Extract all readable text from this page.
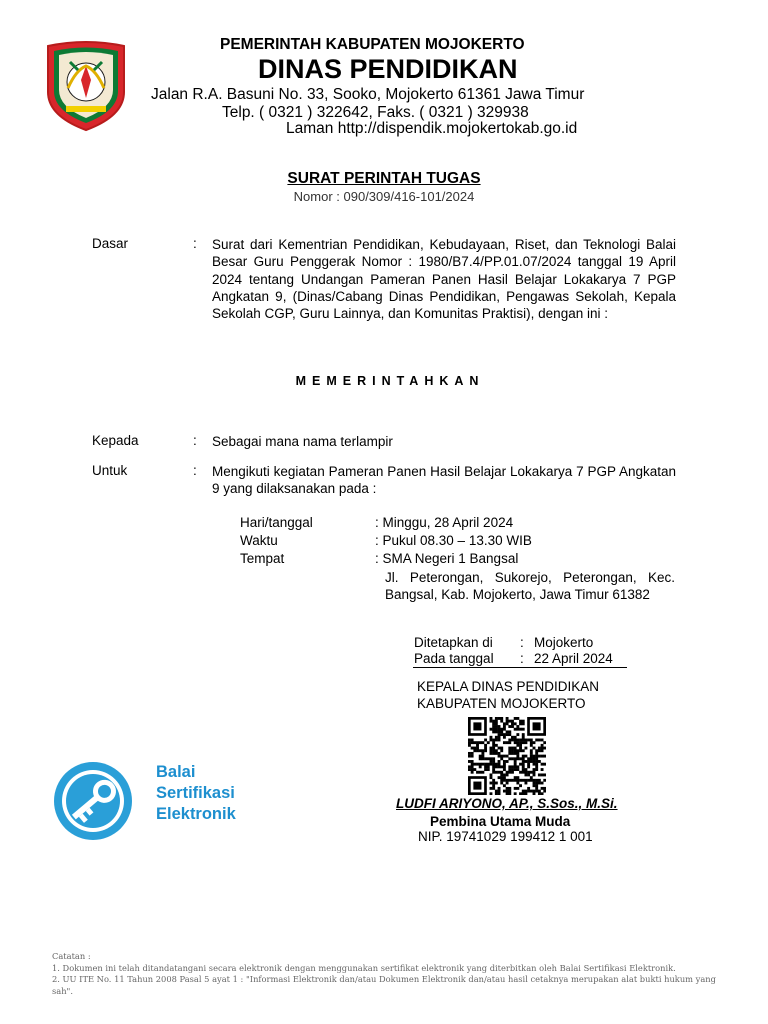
PEMERINTAH KABUPATEN MOJOKERTO
DINAS PENDIDIKAN
Jalan R.A. Basuni No. 33, Sooko, Mojokerto 61361 Jawa Timur
Telp. ( 0321 ) 322642, Faks. ( 0321 ) 329938
Laman http://dispendik.mojokertokab.go.id
SURAT PERINTAH TUGAS
Nomor : 090/309/416-101/2024
Dasar	: Surat dari Kementrian Pendidikan, Kebudayaan, Riset, dan Teknologi Balai Besar Guru Penggerak Nomor : 1980/B7.4/PP.01.07/2024 tanggal 19 April 2024 tentang Undangan Pameran Panen Hasil Belajar Lokakarya 7 PGP Angkatan 9, (Dinas/Cabang Dinas Pendidikan, Pengawas Sekolah, Kepala Sekolah CGP, Guru Lainnya, dan Komunitas Praktisi), dengan ini :
MEMERINTAHKAN
Kepada	: Sebagai mana nama terlampir
Untuk	: Mengikuti kegiatan Pameran Panen Hasil Belajar Lokakarya 7 PGP Angkatan 9 yang dilaksanakan pada :
Hari/tanggal	: Minggu, 28 April 2024
Waktu	: Pukul 08.30 – 13.30 WIB
Tempat	: SMA Negeri 1 Bangsal
Jl. Peterongan, Sukorejo, Peterongan, Kec. Bangsal, Kab. Mojokerto, Jawa Timur 61382
Ditetapkan di : Mojokerto
Pada tanggal : 22 April 2024
KEPALA DINAS PENDIDIKAN
KABUPATEN MOJOKERTO
Balai
Sertifikasi
Elektronik
LUDFI ARIYONO, AP., S.Sos., M.Si.
Pembina Utama Muda
NIP. 19741029 199412 1 001
Catatan :
1. Dokumen ini telah ditandatangani secara elektronik dengan menggunakan sertifikat elektronik yang diterbitkan oleh Balai Sertifikasi Elektronik.
2. UU ITE No. 11 Tahun 2008 Pasal 5 ayat 1 : "Informasi Elektronik dan/atau Dokumen Elektronik dan/atau hasil cetaknya merupakan alat bukti hukum yang sah".
